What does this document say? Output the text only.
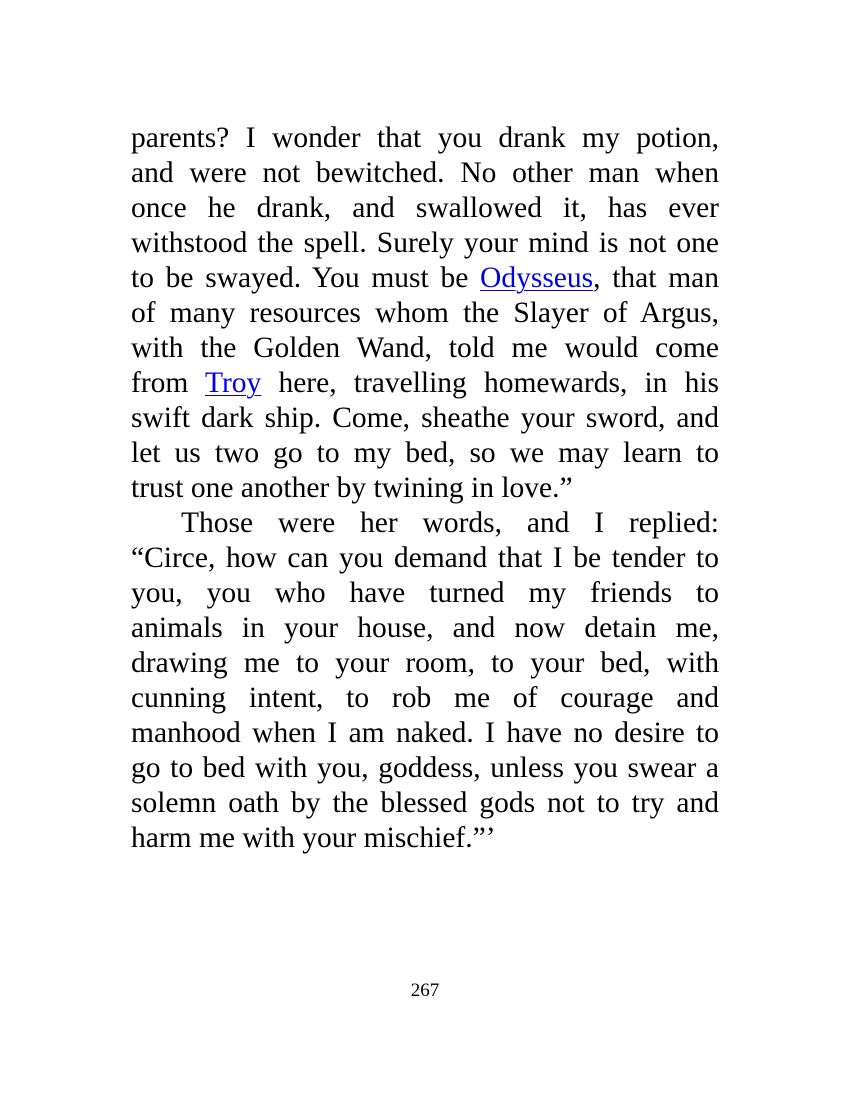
parents? I wonder that you drank my potion,
and were not bewitched. No other man when
once he drank, and swallowed it, has ever
withstood the spell. Surely your mind is not one
to be swayed. You must be Odysseus, that man
of many resources whom the Slayer of Argus,
with the Golden Wand, told me would come
from Troy here, travelling homewards, in his
swift dark ship. Come, sheathe your sword, and
let us two go to my bed, so we may learn to
trust one another by twining in love.”
Those were her words, and I replied:
“Circe, how can you demand that I be tender to
you, you who have turned my friends to
animals in your house, and now detain me,
drawing me to your room, to your bed, with
cunning intent, to rob me of courage and
manhood when I am naked. I have no desire to
go to bed with you, goddess, unless you swear a
solemn oath by the blessed gods not to try and
harm me with your mischief.”’
267
